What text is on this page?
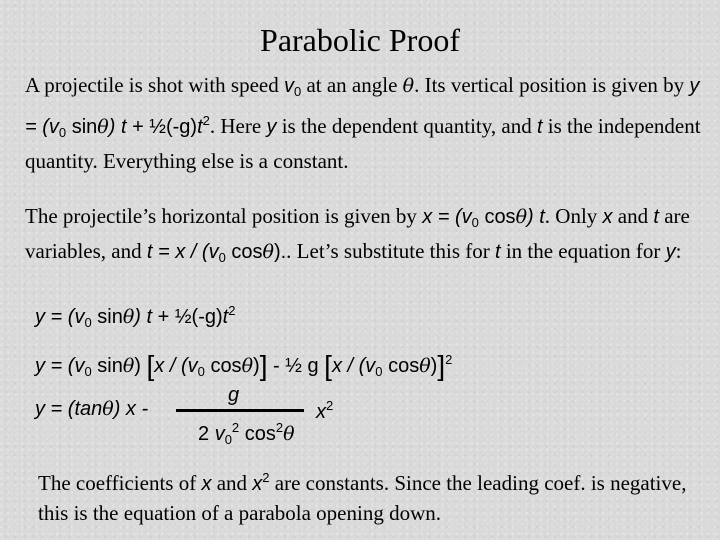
Parabolic Proof
A projectile is shot with speed $v_0$ at an angle θ. Its vertical position is given by $y = (v_0$ sinθ) $t + \frac{1}{2}(-g)t^2$. Here y is the dependent quantity, and t is the independent quantity. Everything else is a constant.
The projectile’s horizontal position is given by $x = (v_0$ cosθ) t. Only x and t are variables, and $t = x / (v_0$ cosθ).. Let’s substitute this for t in the equation for y:
$y = (v_0$ sinθ) $t + \frac{1}{2}(-g)t^2$
$y = (v_0$ sinθ) [$x / (v_0$ cosθ)] - ½ g [$x / (v_0$ cosθ)]$^2$
y = (tanθ) x -
g
2 $v_0^2$ $\cos^2\theta$
$x^2$
The coefficients of x and $x^2$ are constants. Since the leading coef. is negative, this is the equation of a parabola opening down.
